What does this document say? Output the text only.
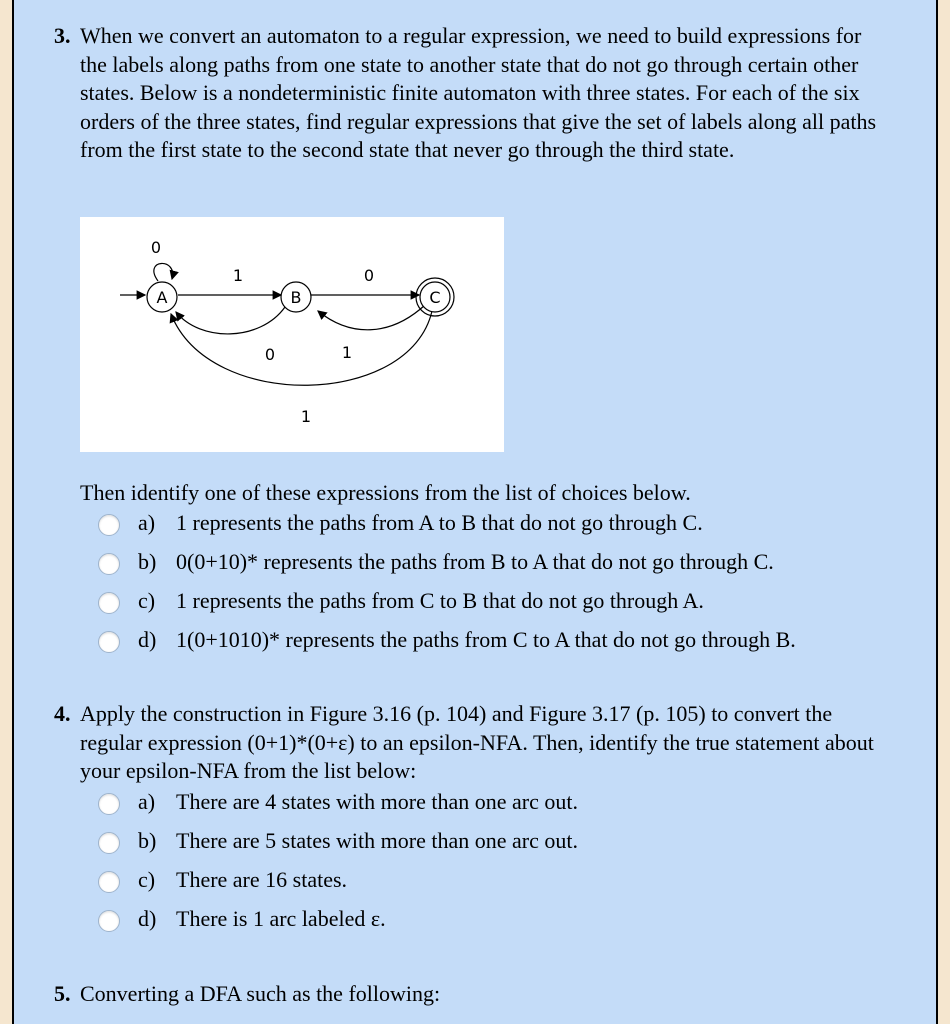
3. When we convert an automaton to a regular expression, we need to build expressions for the labels along paths from one state to another state that do not go through certain other states. Below is a nondeterministic finite automaton with three states. For each of the six orders of the three states, find regular expressions that give the set of labels along all paths from the first state to the second state that never go through the third state.
A	B	C
0
1	0
0	1
1
Then identify one of these expressions from the list of choices below.
a) 1 represents the paths from A to B that do not go through C.
b) 0(0+10)* represents the paths from B to A that do not go through C.
c) 1 represents the paths from C to B that do not go through A.
d) 1(0+1010)* represents the paths from C to A that do not go through B.
4. Apply the construction in Figure 3.16 (p. 104) and Figure 3.17 (p. 105) to convert the regular expression (0+1)*(0+ε) to an epsilon-NFA. Then, identify the true statement about your epsilon-NFA from the list below:
a) There are 4 states with more than one arc out.
b) There are 5 states with more than one arc out.
c) There are 16 states.
d) There is 1 arc labeled ε.
5. Converting a DFA such as the following:
